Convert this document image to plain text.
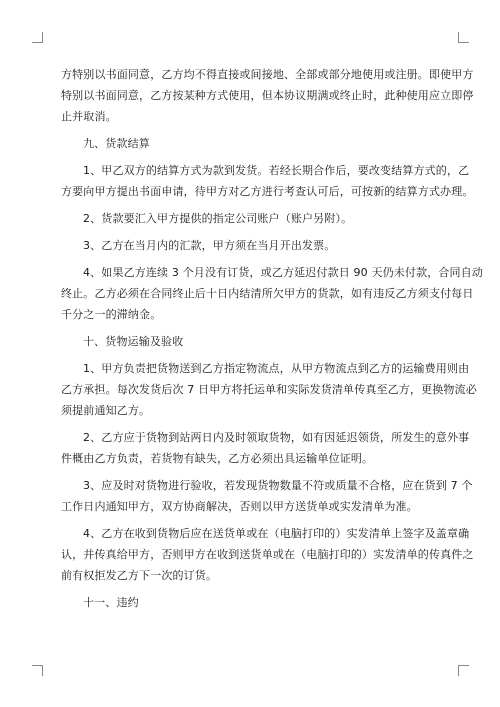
方特别以书面同意，乙方均不得直接或间接地、全部或部分地使用或注册。即使甲方
特别以书面同意，乙方按某种方式使用，但本协议期满或终止时，此种使用应立即停
止并取消。
九、货款结算
1、甲乙双方的结算方式为款到发货。若经长期合作后，要改变结算方式的，乙
方要向甲方提出书面申请，待甲方对乙方进行考查认可后，可按新的结算方式办理。
2、货款要汇入甲方提供的指定公司账户（账户另附）。
3、乙方在当月内的汇款，甲方须在当月开出发票。
4、如果乙方连续 3 个月没有订货，或乙方延迟付款日 90 天仍未付款，合同自动
终止。乙方必须在合同终止后十日内结清所欠甲方的货款，如有违反乙方须支付每日
千分之一的滞纳金。
十、货物运输及验收
1、甲方负责把货物送到乙方指定物流点，从甲方物流点到乙方的运输费用则由
乙方承担。每次发货后次 7 日甲方将托运单和实际发货清单传真至乙方，更换物流必
须提前通知乙方。
2、乙方应于货物到站两日内及时领取货物，如有因延迟领货，所发生的意外事
件概由乙方负责，若货物有缺失，乙方必须出具运输单位证明。
3、应及时对货物进行验收，若发现货物数量不符或质量不合格，应在货到 7 个
工作日内通知甲方，双方协商解决，否则以甲方送货单或实发清单为准。
4、乙方在收到货物后应在送货单或在（电脑打印的）实发清单上签字及盖章确
认，并传真给甲方，否则甲方在收到送货单或在（电脑打印的）实发清单的传真件之
前有权拒发乙方下一次的订货。
十一、违约
